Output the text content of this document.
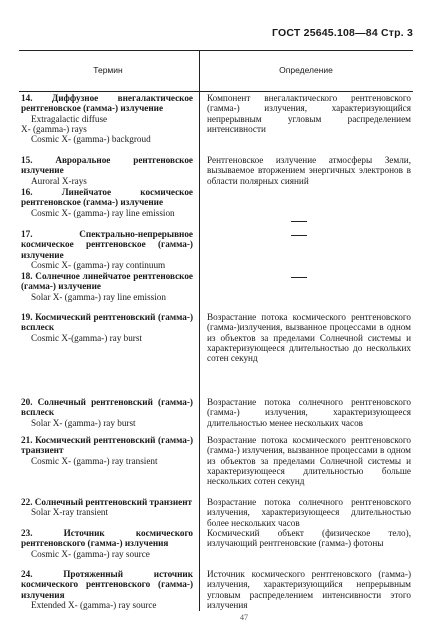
ГОСТ 25645.108—84 Стр. 3
Термин	Определение
14. Диффузное внегалактическое рентгеновское (гамма-) излучение
Extragalactic diffuse
X- (gamma-) rays
Cosmic X- (gamma-) backgroud
Компонент внегалактического рентгеновского (гамма-) излучения, характеризующийся непрерывным угловым распределением интенсивности
15. Авроральное рентгеновское излучение
Auroral X-rays
Рентгеновское излучение атмосферы Земли, вызываемое вторжением энергичных электронов в области полярных сияний
16. Линейчатое космическое рентгеновское (гамма-) излучение
Cosmic X- (gamma-) ray line emission
17. Спектрально-непрерывное космическое рентгеновское (гамма-) излучение
Cosmic X- (gamma-) ray continuum
18. Солнечное линейчатое рентгеновское (гамма-) излучение
Solar X- (gamma-) ray line emission
19. Космический рентгеновский (гамма-) всплеск
Cosmic X-(gamma-) ray burst
Возрастание потока космического рентгеновского (гамма-)излучения, вызванное процессами в одном из объектов за пределами Солнечной системы и характеризующееся длительностью до нескольких сотен секунд
20. Солнечный рентгеновский (гамма-) всплеск
Solar X- (gamma-) ray burst
Возрастание потока солнечного рентгеновского (гамма-) излучения, характеризующееся длительностью менее нескольких часов
21. Космический рентгеновский (гамма-) транзиент
Cosmic X- (gamma-) ray transient
Возрастание потока космического рентгеновского (гамма-) излучения, вызванное процессами в одном из объектов за пределами Солнечной системы и характеризующееся длительностью больше нескольких сотен секунд
22. Солнечный рентгеновский транзиент
Solar X-ray transient
Возрастание потока солнечного рентгеновского излучения, характеризующееся длительностью более нескольких часов
23. Источник космического рентгеновского (гамма-) излучения
Cosmic X- (gamma-) ray source
Космический объект (физическое тело), излучающий рентгеновские (гамма-) фотоны
24. Протяженный источник космического рентгеновского (гамма-) излучения
Extended X- (gamma-) ray source
Источник космического рентгеновского (гамма-) излучения, характеризующийся непрерывным угловым распределением интенсивности этого излучения
47
